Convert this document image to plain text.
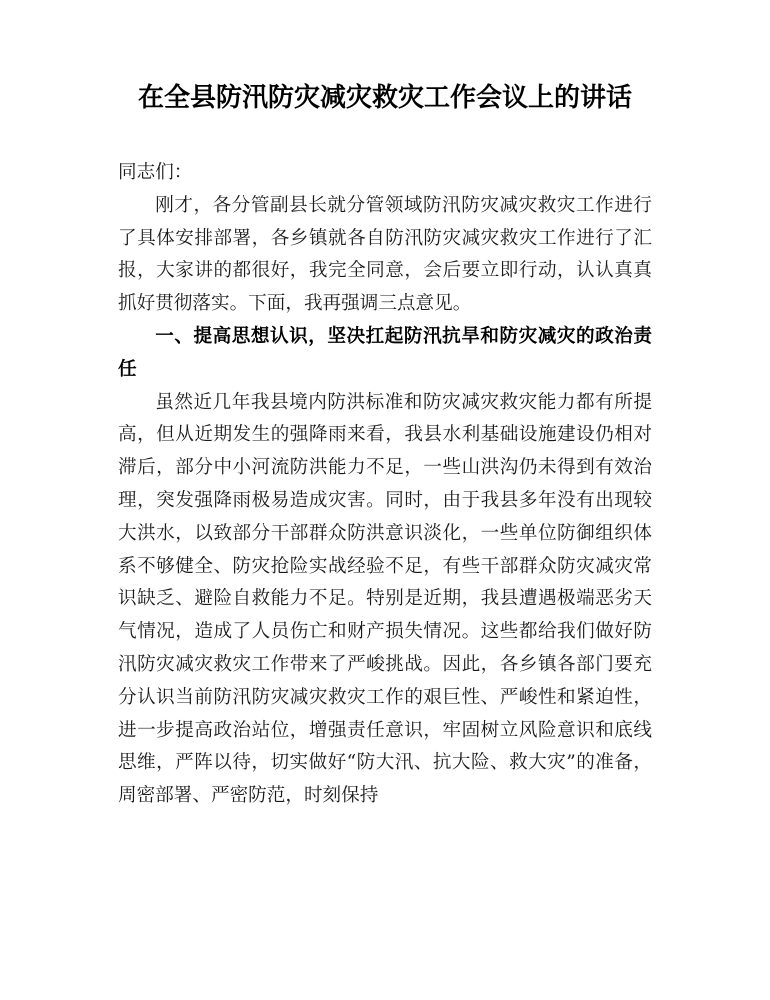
在全县防汛防灾减灾救灾工作会议上的讲话

同志们：

刚才，各分管副县长就分管领域防汛防灾减灾救灾工作进行了具体安排部署，各乡镇就各自防汛防灾减灾救灾工作进行了汇报，大家讲的都很好，我完全同意，会后要立即行动，认认真真抓好贯彻落实。下面，我再强调三点意见。

一、提高思想认识，坚决扛起防汛抗旱和防灾减灾的政治责任

虽然近几年我县境内防洪标准和防灾减灾救灾能力都有所提高，但从近期发生的强降雨来看，我县水利基础设施建设仍相对滞后，部分中小河流防洪能力不足，一些山洪沟仍未得到有效治理，突发强降雨极易造成灾害。同时，由于我县多年没有出现较大洪水，以致部分干部群众防洪意识淡化，一些单位防御组织体系不够健全、防灾抢险实战经验不足，有些干部群众防灾减灾常识缺乏、避险自救能力不足。特别是近期，我县遭遇极端恶劣天气情况，造成了人员伤亡和财产损失情况。这些都给我们做好防汛防灾减灾救灾工作带来了严峻挑战。因此，各乡镇各部门要充分认识当前防汛防灾减灾救灾工作的艰巨性、严峻性和紧迫性，进一步提高政治站位，增强责任意识，牢固树立风险意识和底线思维，严阵以待，切实做好“防大汛、抗大险、救大灾”的准备，周密部署、严密防范，时刻保持
